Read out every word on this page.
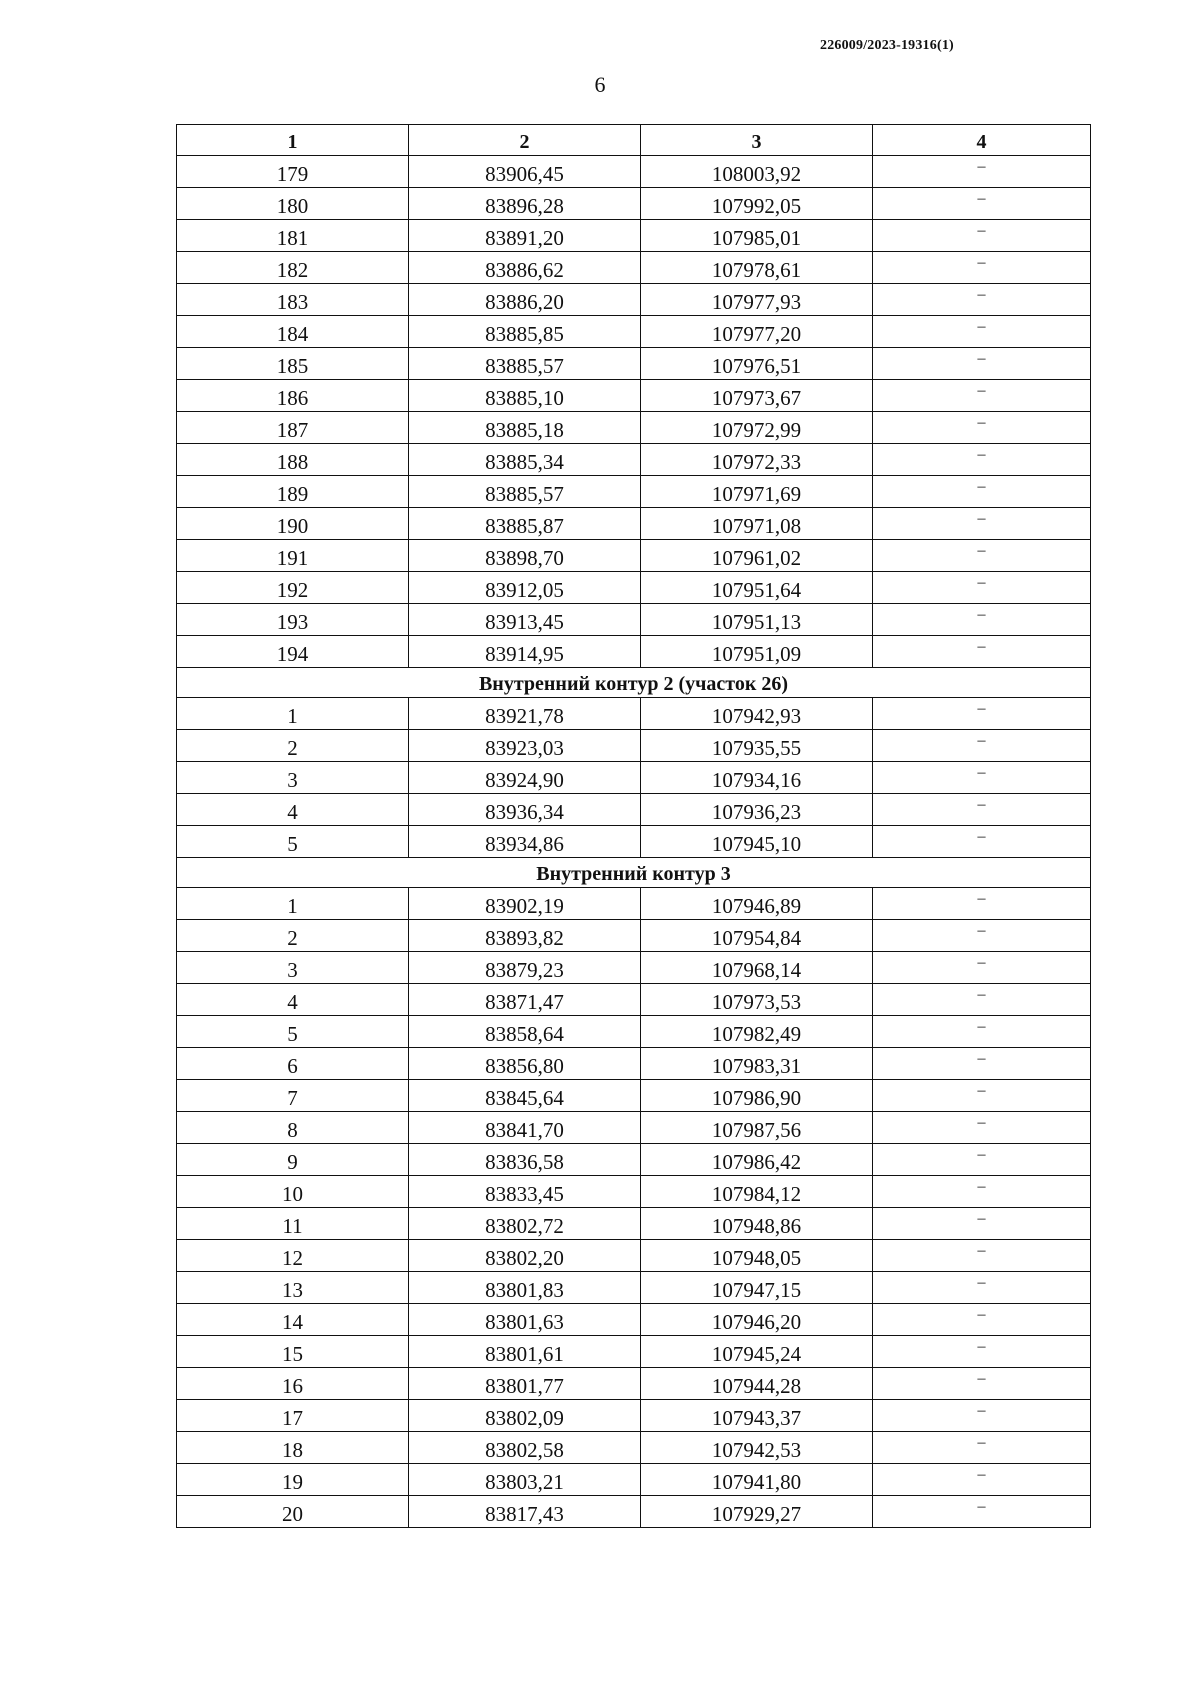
226009/2023-19316(1)
6
1	2	3	4
179	83906,45	108003,92	–
180	83896,28	107992,05	–
181	83891,20	107985,01	–
182	83886,62	107978,61	–
183	83886,20	107977,93	–
184	83885,85	107977,20	–
185	83885,57	107976,51	–
186	83885,10	107973,67	–
187	83885,18	107972,99	–
188	83885,34	107972,33	–
189	83885,57	107971,69	–
190	83885,87	107971,08	–
191	83898,70	107961,02	–
192	83912,05	107951,64	–
193	83913,45	107951,13	–
194	83914,95	107951,09	–
Внутренний контур 2 (участок 26)			
1	83921,78	107942,93	–
2	83923,03	107935,55	–
3	83924,90	107934,16	–
4	83936,34	107936,23	–
5	83934,86	107945,10	–
Внутренний контур 3			
1	83902,19	107946,89	–
2	83893,82	107954,84	–
3	83879,23	107968,14	–
4	83871,47	107973,53	–
5	83858,64	107982,49	–
6	83856,80	107983,31	–
7	83845,64	107986,90	–
8	83841,70	107987,56	–
9	83836,58	107986,42	–
10	83833,45	107984,12	–
11	83802,72	107948,86	–
12	83802,20	107948,05	–
13	83801,83	107947,15	–
14	83801,63	107946,20	–
15	83801,61	107945,24	–
16	83801,77	107944,28	–
17	83802,09	107943,37	–
18	83802,58	107942,53	–
19	83803,21	107941,80	–
20	83817,43	107929,27	–
